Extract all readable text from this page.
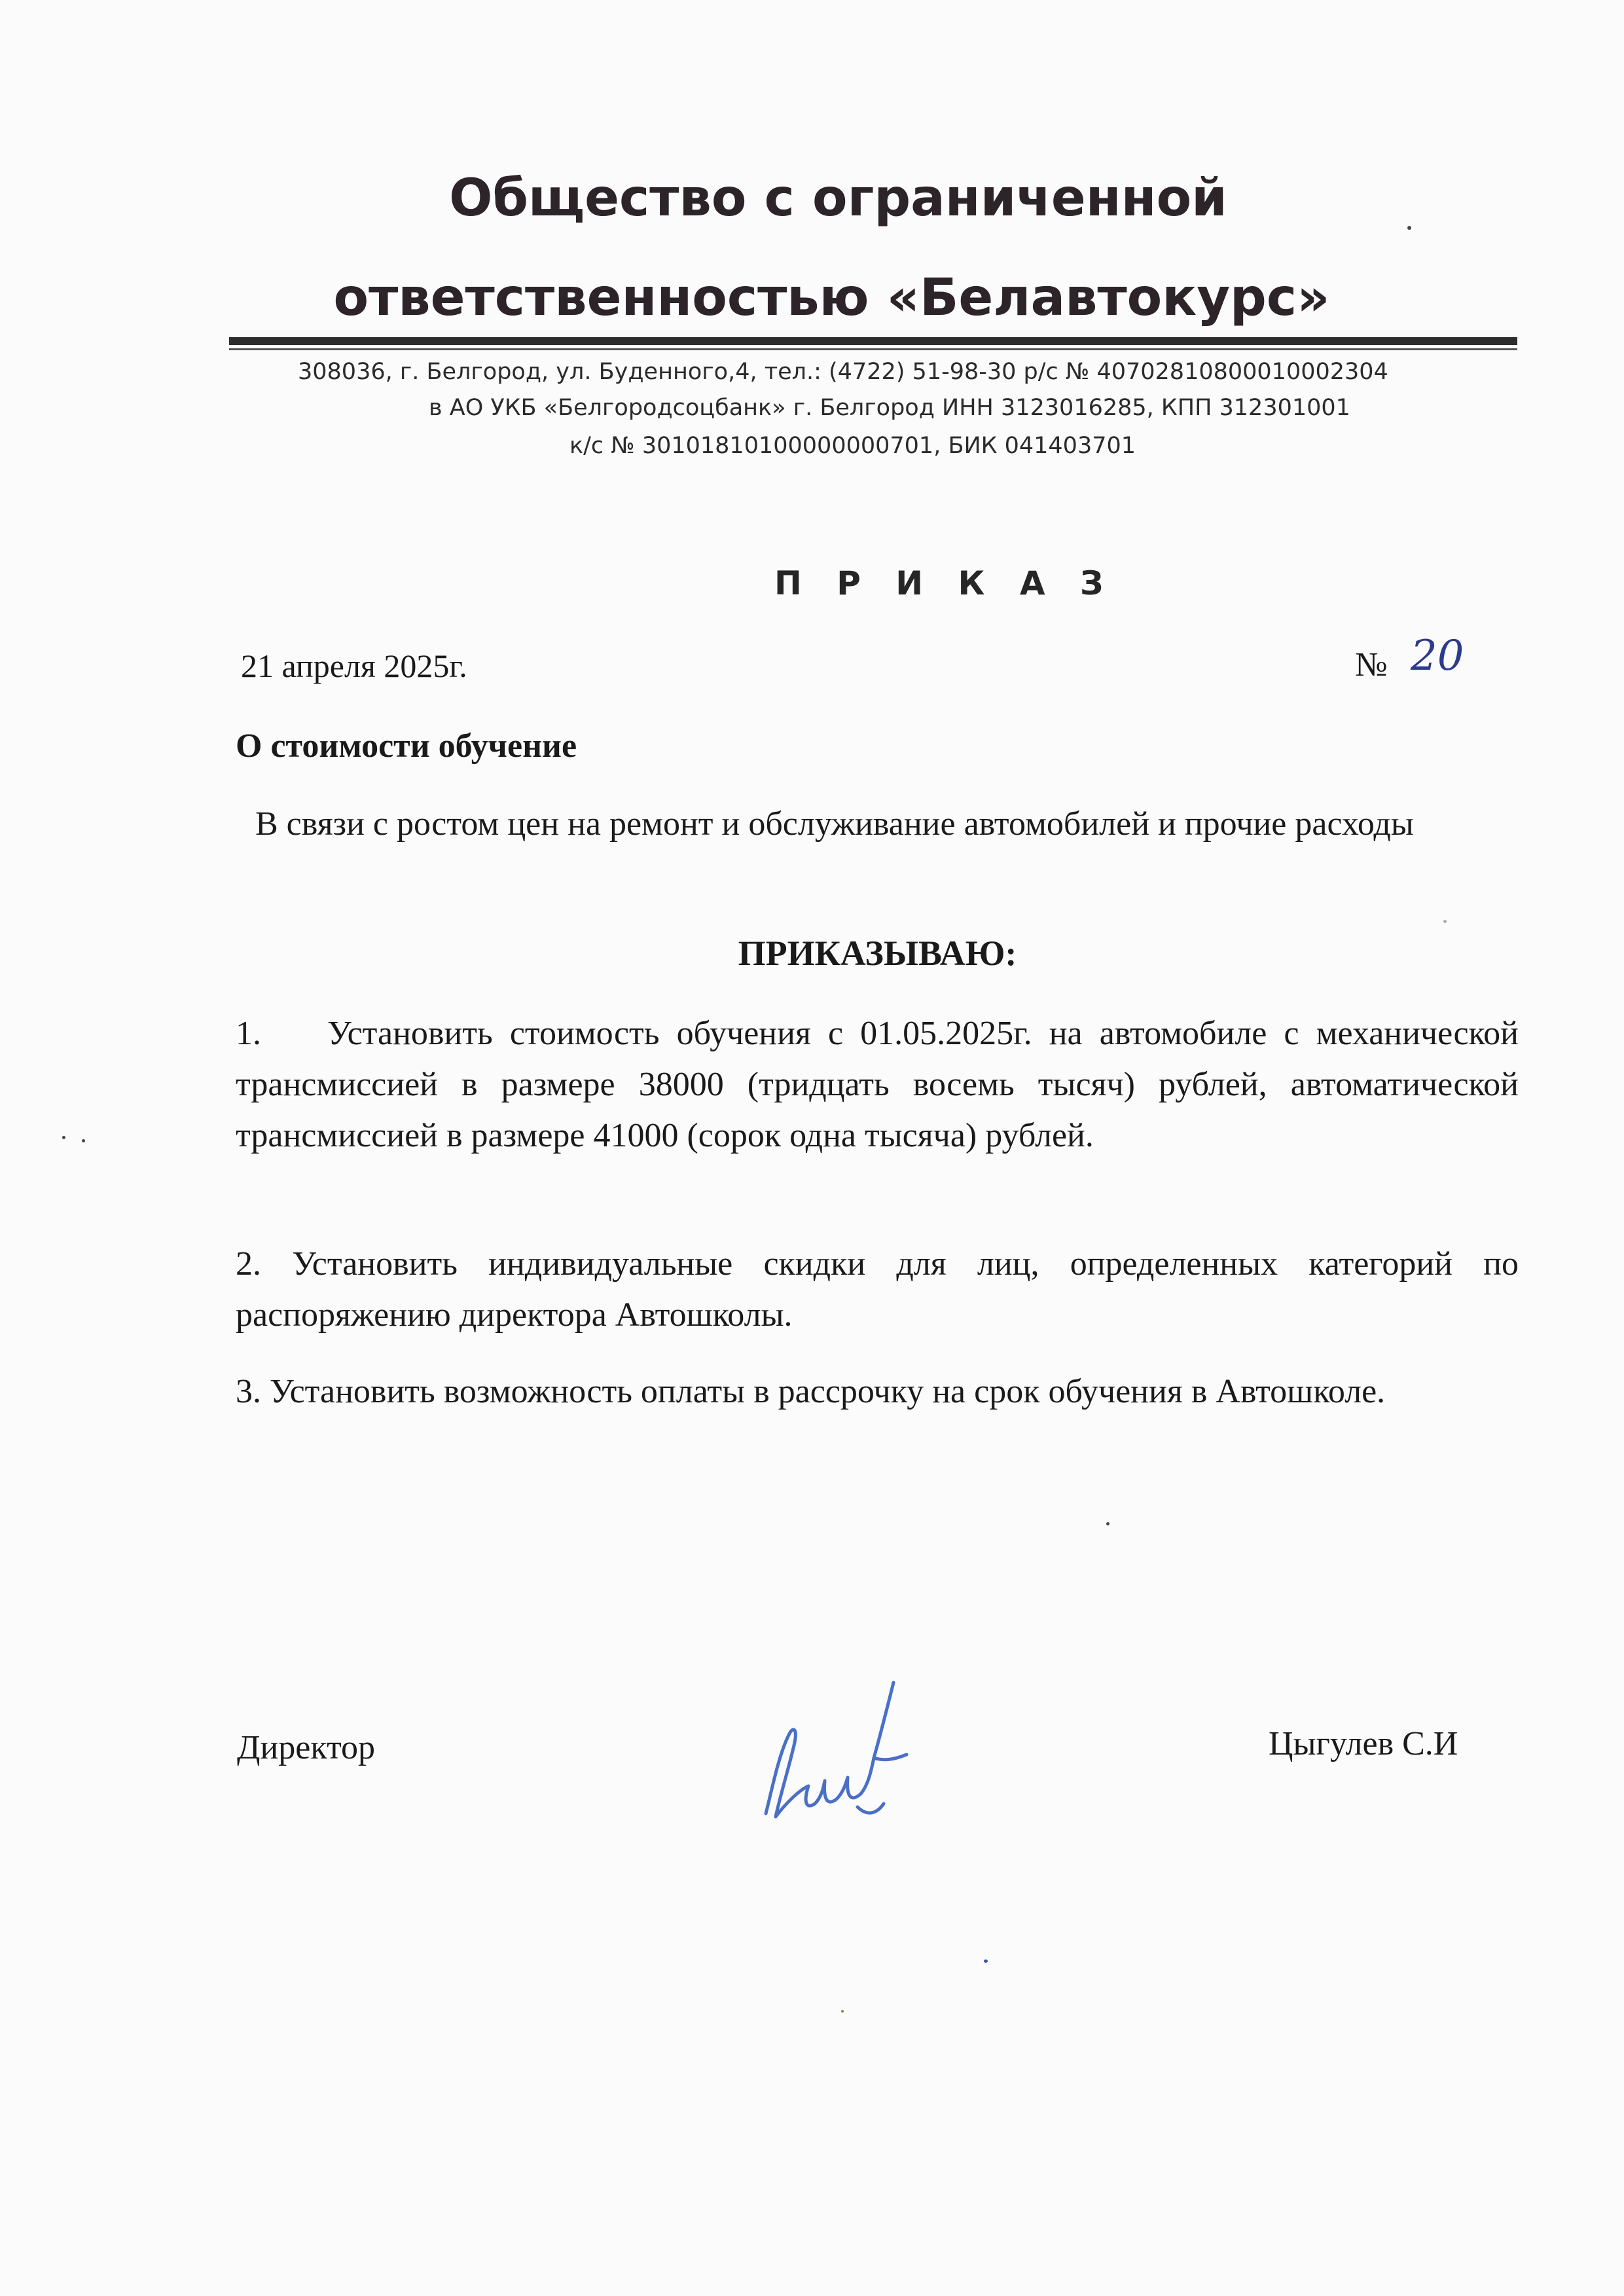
Общество с ограниченной
ответственностью «Белавтокурс»
308036, г. Белгород, ул. Буденного,4, тел.: (4722) 51-98-30 р/с № 40702810800010002304
в АО УКБ «Белгородсоцбанк» г. Белгород ИНН 3123016285, КПП 312301001
к/с № 30101810100000000701, БИК 041403701
П Р И К А З
21 апреля 2025г.	№ 20
О стоимости обучение
В связи с ростом цен на ремонт и обслуживание автомобилей и прочие расходы
ПРИКАЗЫВАЮ:
1. Установить стоимость обучения с 01.05.2025г. на автомобиле с механической трансмиссией в размере 38000 (тридцать восемь тысяч) рублей, автоматической трансмиссией в размере 41000 (сорок одна тысяча) рублей.
2. Установить индивидуальные скидки для лиц, определенных категорий по распоряжению директора Автошколы.
3. Установить возможность оплаты в рассрочку на срок обучения в Автошколе.
Директор	Цыгулев С.И
